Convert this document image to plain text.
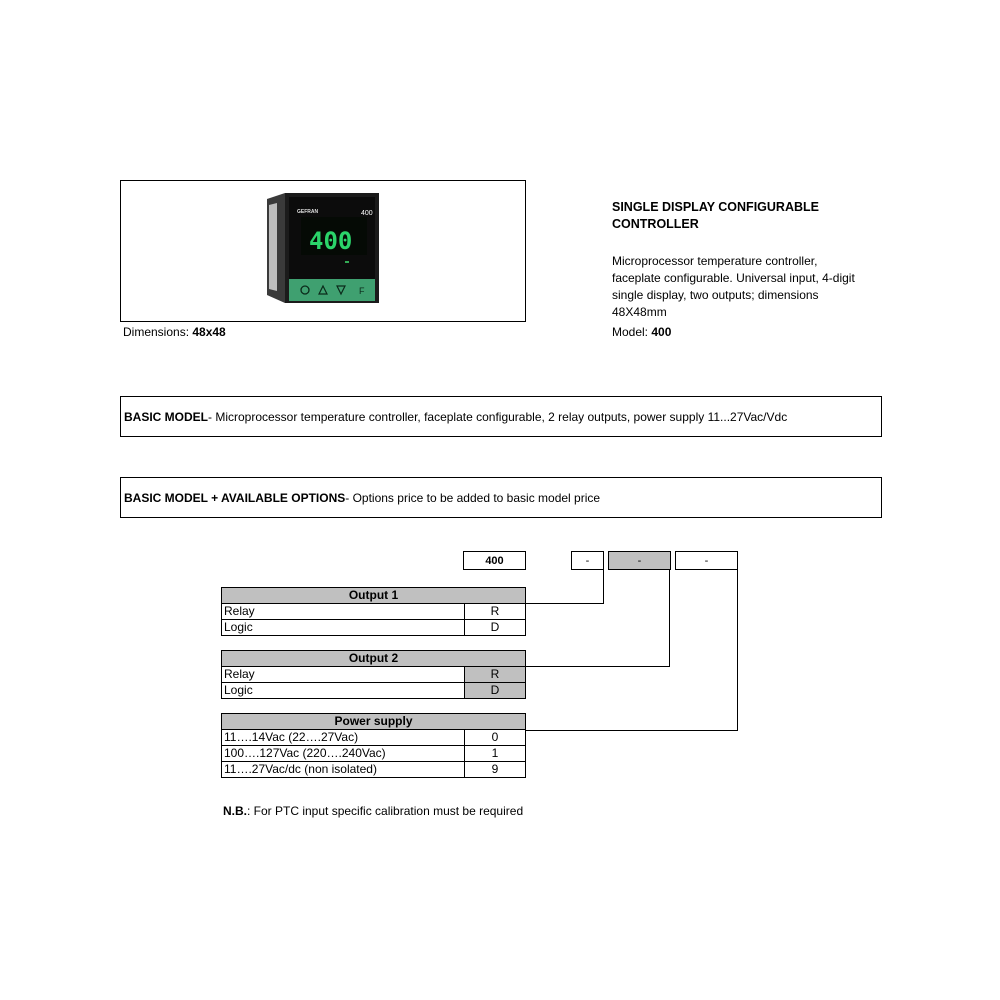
F
GEFRAN	400
400
Dimensions: 48x48
SINGLE DISPLAY CONFIGURABLE
CONTROLLER
Microprocessor temperature controller,
faceplate configurable. Universal input, 4-digit
single display, two outputs; dimensions
48X48mm
Model: 400
BASIC MODEL - Microprocessor temperature controller, faceplate configurable, 2 relay outputs, power supply 11...27Vac/Vdc
BASIC MODEL + AVAILABLE OPTIONS - Options price to be added to basic model price
400	-	-	-
Output 1	
Relay	R
Logic	D
Output 2	
Relay	R
Logic	D
Power supply	
11….14Vac (22….27Vac)	0
100….127Vac (220….240Vac)	1
11….27Vac/dc (non isolated)	9
N.B.: For PTC input specific calibration must be required
